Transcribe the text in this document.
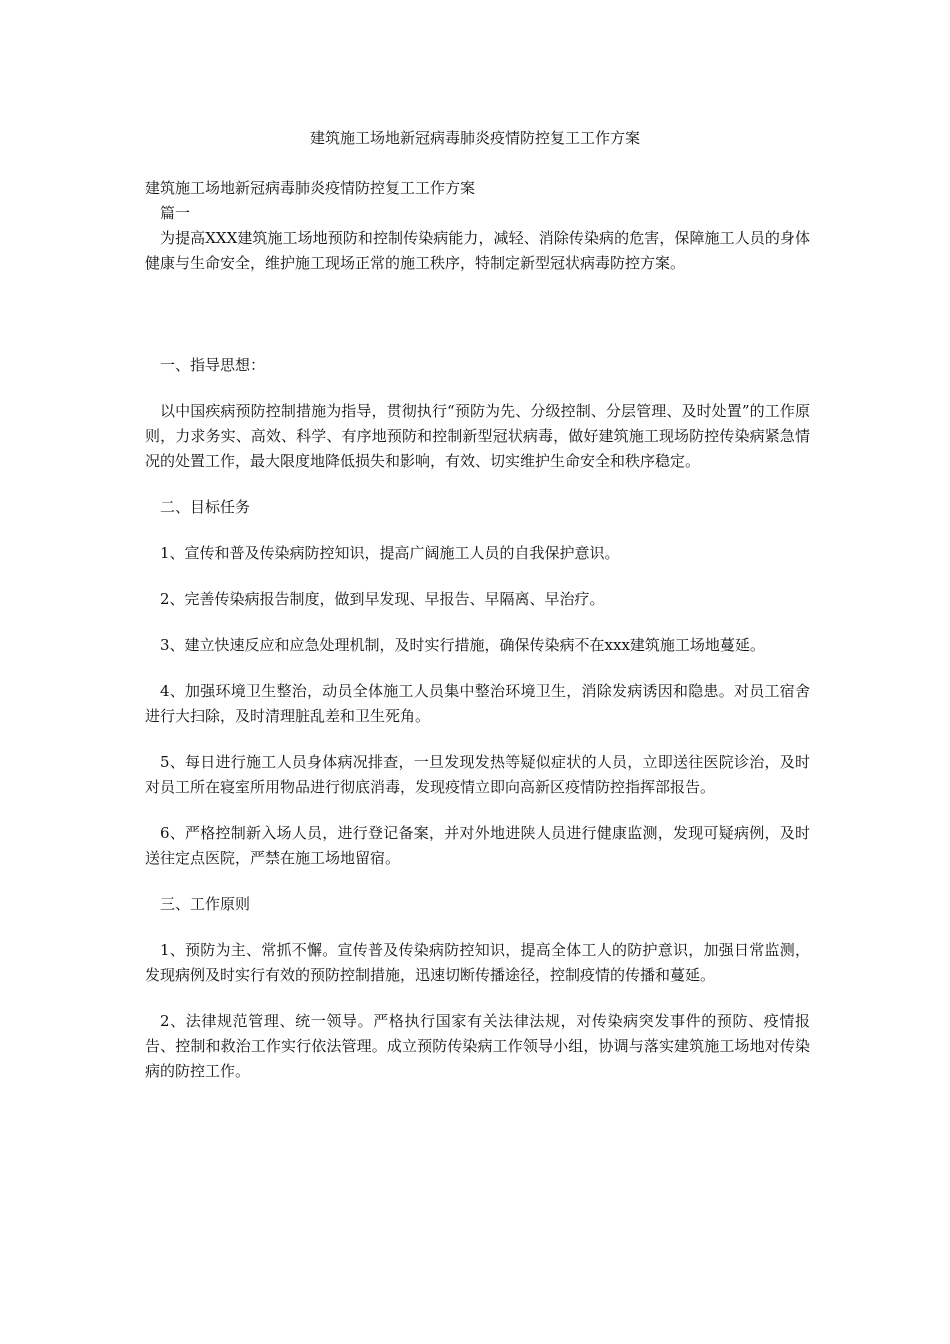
建筑施工场地新冠病毒肺炎疫情防控复工工作方案

建筑施工场地新冠病毒肺炎疫情防控复工工作方案

篇一

为提高XXX建筑施工场地预防和控制传染病能力，减轻、消除传染病的危害，保障施工人员的身体健康与生命安全，维护施工现场正常的施工秩序，特制定新型冠状病毒防控方案。

一、指导思想：

以中国疾病预防控制措施为指导，贯彻执行“预防为先、分级控制、分层管理、及时处置”的工作原则，力求务实、高效、科学、有序地预防和控制新型冠状病毒，做好建筑施工现场防控传染病紧急情况的处置工作，最大限度地降低损失和影响，有效、切实维护生命安全和秩序稳定。

二、目标任务

1、宣传和普及传染病防控知识，提高广阔施工人员的自我保护意识。

2、完善传染病报告制度，做到早发现、早报告、早隔离、早治疗。

3、建立快速反应和应急处理机制，及时实行措施，确保传染病不在xxx建筑施工场地蔓延。

4、加强环境卫生整治，动员全体施工人员集中整治环境卫生，消除发病诱因和隐患。对员工宿舍进行大扫除，及时清理脏乱差和卫生死角。

5、每日进行施工人员身体病况排查，一旦发现发热等疑似症状的人员，立即送往医院诊治，及时对员工所在寝室所用物品进行彻底消毒，发现疫情立即向高新区疫情防控指挥部报告。

6、严格控制新入场人员，进行登记备案，并对外地进陕人员进行健康监测，发现可疑病例，及时送往定点医院，严禁在施工场地留宿。

三、工作原则

1、预防为主、常抓不懈。宣传普及传染病防控知识，提高全体工人的防护意识，加强日常监测，发现病例及时实行有效的预防控制措施，迅速切断传播途径，控制疫情的传播和蔓延。

2、法律规范管理、统一领导。严格执行国家有关法律法规，对传染病突发事件的预防、疫情报告、控制和救治工作实行依法管理。成立预防传染病工作领导小组，协调与落实建筑施工场地对传染病的防控工作。
